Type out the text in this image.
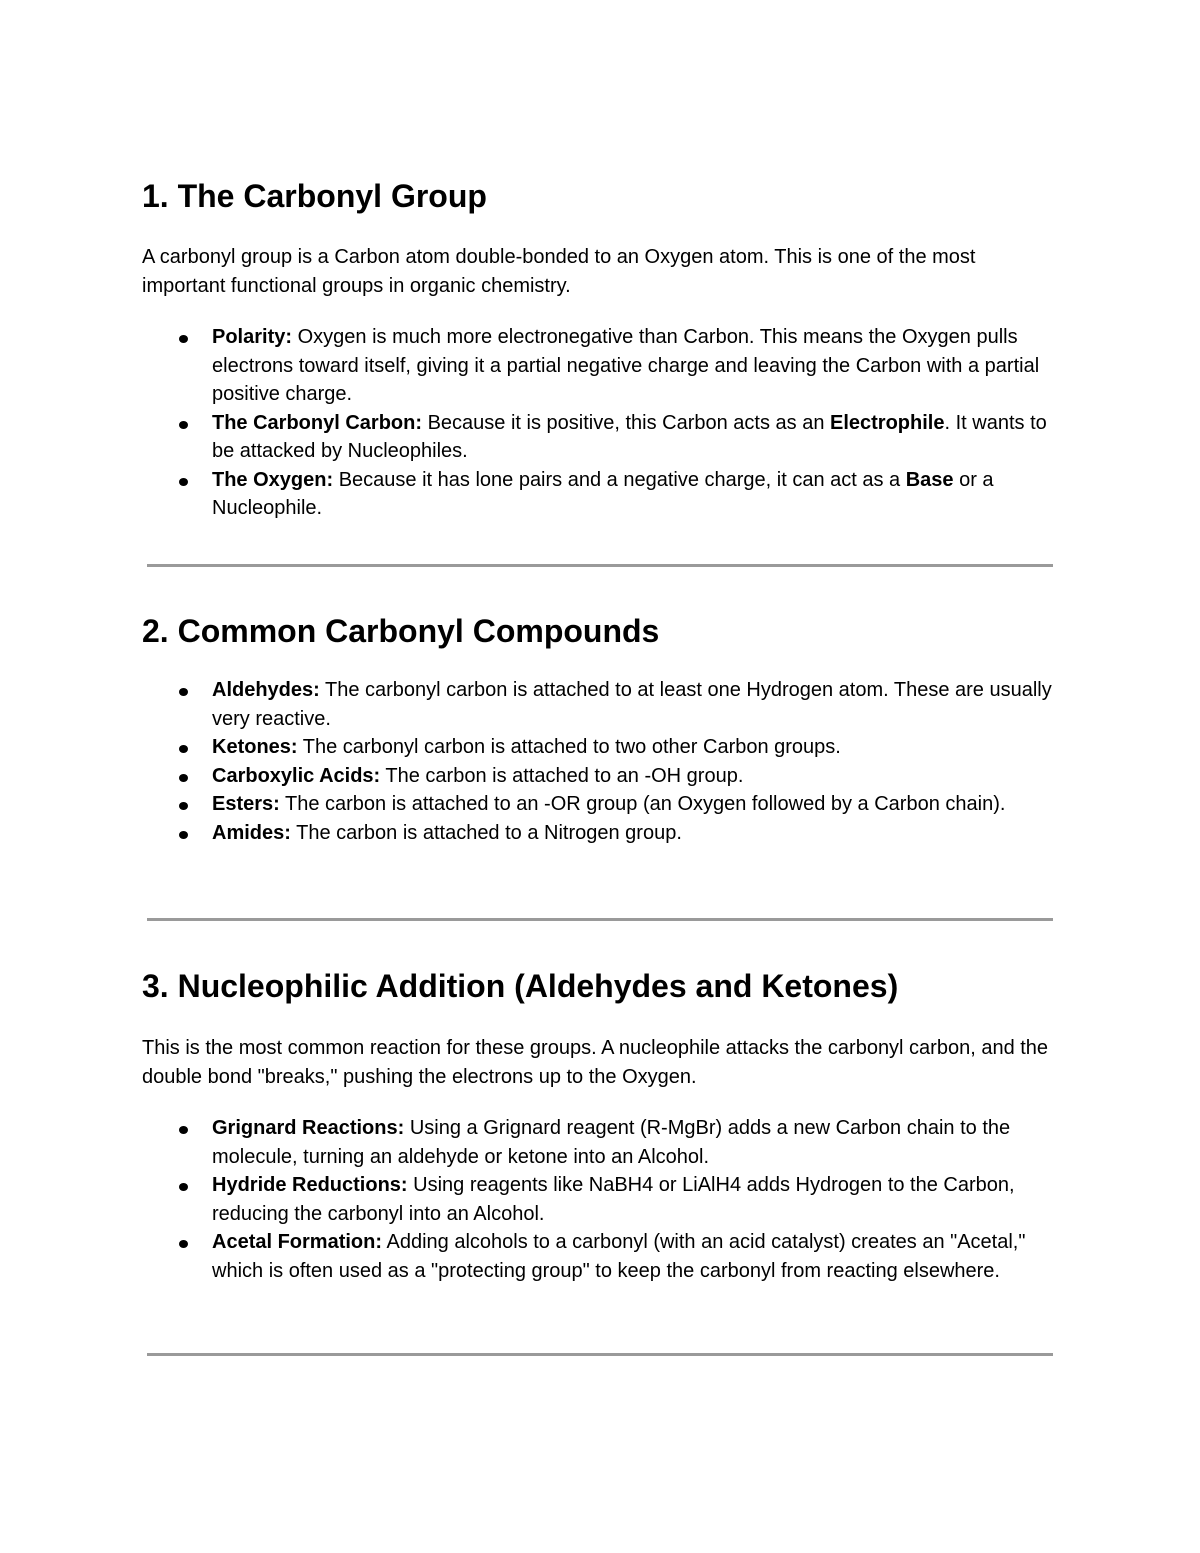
1. The Carbonyl Group

A carbonyl group is a Carbon atom double-bonded to an Oxygen atom. This is one of the most important functional groups in organic chemistry.

Polarity: Oxygen is much more electronegative than Carbon. This means the Oxygen pulls electrons toward itself, giving it a partial negative charge and leaving the Carbon with a partial positive charge.
The Carbonyl Carbon: Because it is positive, this Carbon acts as an Electrophile. It wants to be attacked by Nucleophiles.
The Oxygen: Because it has lone pairs and a negative charge, it can act as a Base or a Nucleophile.
2. Common Carbonyl Compounds
Aldehydes: The carbonyl carbon is attached to at least one Hydrogen atom. These are usually very reactive.
Ketones: The carbonyl carbon is attached to two other Carbon groups.
Carboxylic Acids: The carbon is attached to an -OH group.
Esters: The carbon is attached to an -OR group (an Oxygen followed by a Carbon chain).
Amides: The carbon is attached to a Nitrogen group.
3. Nucleophilic Addition (Aldehydes and Ketones)

This is the most common reaction for these groups. A nucleophile attacks the carbonyl carbon, and the double bond "breaks," pushing the electrons up to the Oxygen.

Grignard Reactions: Using a Grignard reagent (R-MgBr) adds a new Carbon chain to the molecule, turning an aldehyde or ketone into an Alcohol.
Hydride Reductions: Using reagents like NaBH4 or LiAlH4 adds Hydrogen to the Carbon, reducing the carbonyl into an Alcohol.
Acetal Formation: Adding alcohols to a carbonyl (with an acid catalyst) creates an "Acetal," which is often used as a "protecting group" to keep the carbonyl from reacting elsewhere.
